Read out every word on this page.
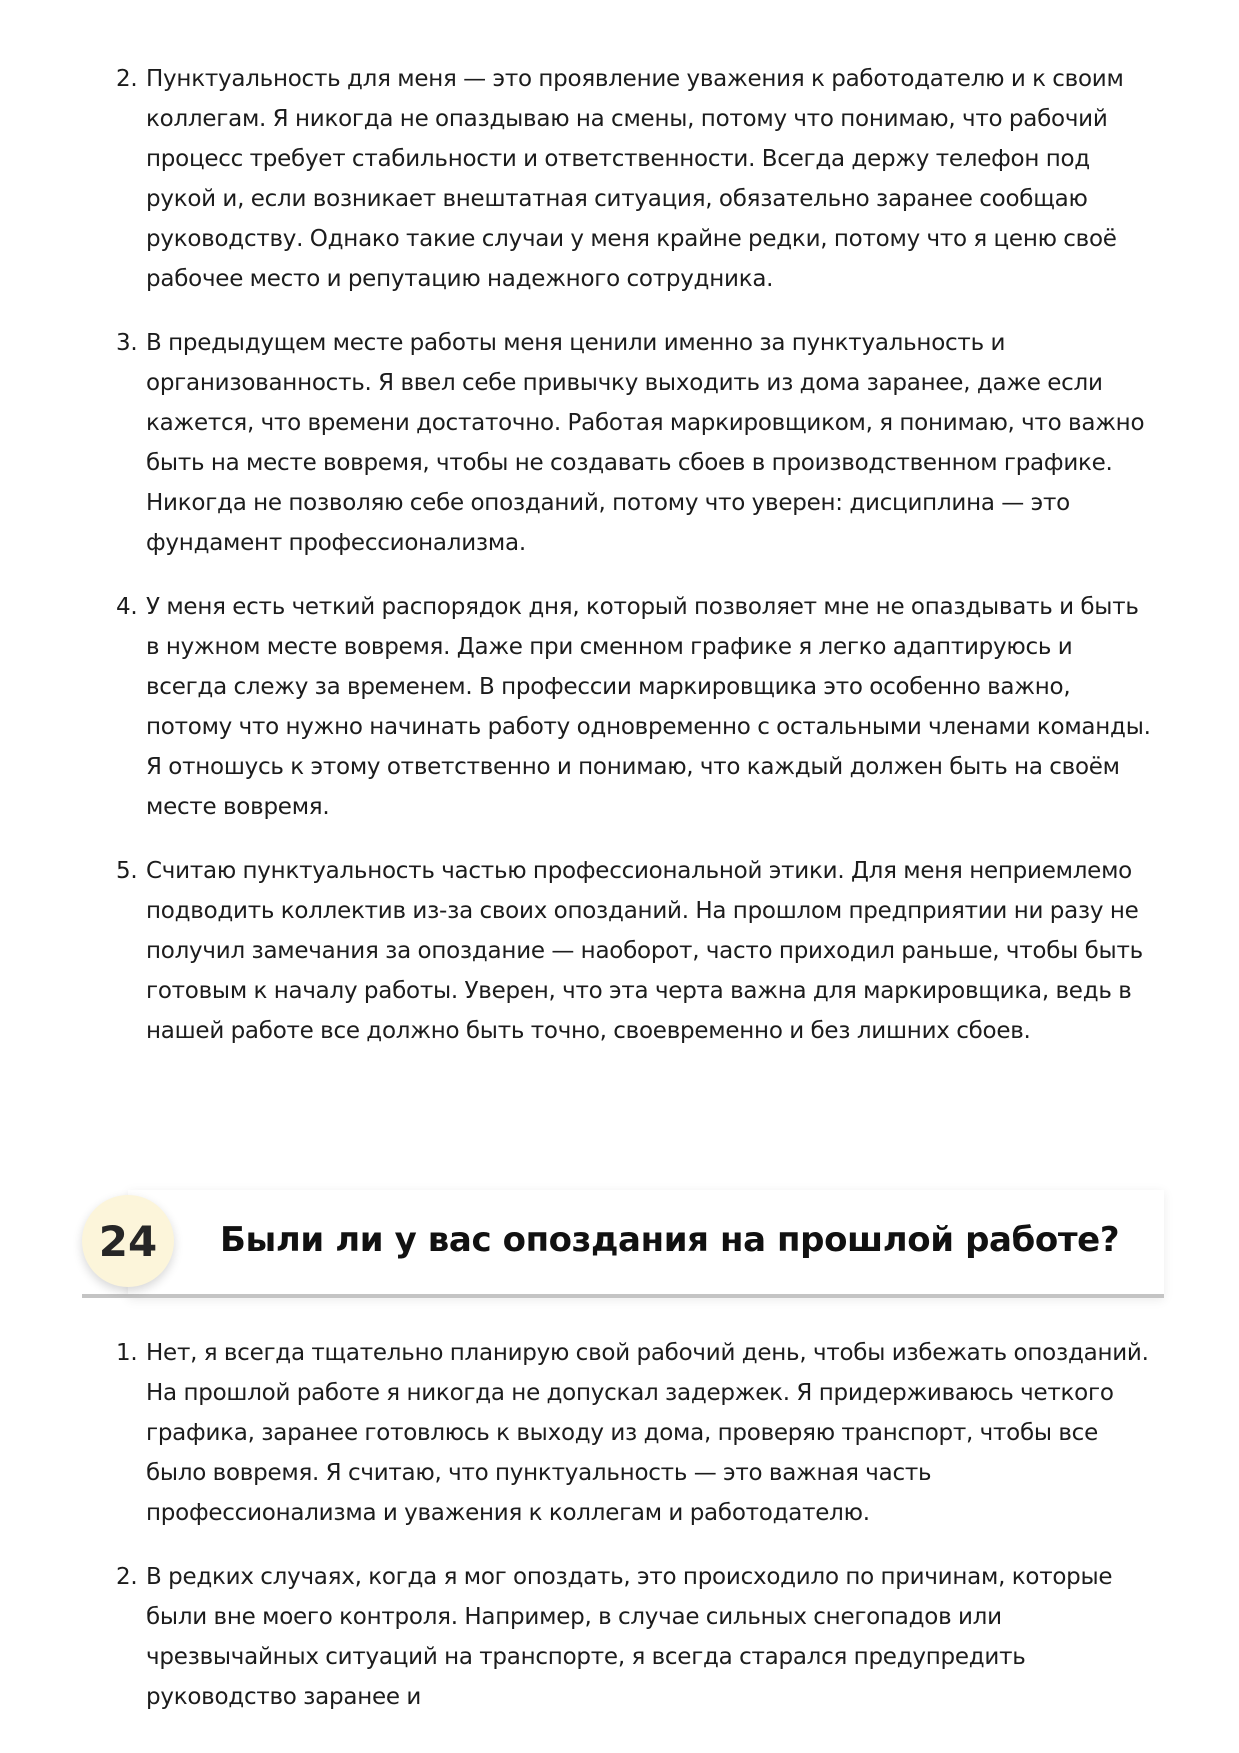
2. Пунктуальность для меня — это проявление уважения к работодателю и к своим коллегам. Я никогда не опаздываю на смены, потому что понимаю, что рабочий процесс требует стабильности и ответственности. Всегда держу телефон под рукой и, если возникает внештатная ситуация, обязательно заранее сообщаю руководству. Однако такие случаи у меня крайне редки, потому что я ценю своё рабочее место и репутацию надежного сотрудника.
3. В предыдущем месте работы меня ценили именно за пунктуальность и организованность. Я ввел себе привычку выходить из дома заранее, даже если кажется, что времени достаточно. Работая маркировщиком, я понимаю, что важно быть на месте вовремя, чтобы не создавать сбоев в производственном графике. Никогда не позволяю себе опозданий, потому что уверен: дисциплина — это фундамент профессионализма.
4. У меня есть четкий распорядок дня, который позволяет мне не опаздывать и быть в нужном месте вовремя. Даже при сменном графике я легко адаптируюсь и всегда слежу за временем. В профессии маркировщика это особенно важно, потому что нужно начинать работу одновременно с остальными членами команды. Я отношусь к этому ответственно и понимаю, что каждый должен быть на своём месте вовремя.
5. Считаю пунктуальность частью профессиональной этики. Для меня неприемлемо подводить коллектив из-за своих опозданий. На прошлом предприятии ни разу не получил замечания за опоздание — наоборот, часто приходил раньше, чтобы быть готовым к началу работы. Уверен, что эта черта важна для маркировщика, ведь в нашей работе все должно быть точно, своевременно и без лишних сбоев.
24	Были ли у вас опоздания на прошлой работе?
1. Нет, я всегда тщательно планирую свой рабочий день, чтобы избежать опозданий. На прошлой работе я никогда не допускал задержек. Я придерживаюсь четкого графика, заранее готовлюсь к выходу из дома, проверяю транспорт, чтобы все было вовремя. Я считаю, что пунктуальность — это важная часть профессионализма и уважения к коллегам и работодателю.
2. В редких случаях, когда я мог опоздать, это происходило по причинам, которые были вне моего контроля. Например, в случае сильных снегопадов или чрезвычайных ситуаций на транспорте, я всегда старался предупредить руководство заранее и
